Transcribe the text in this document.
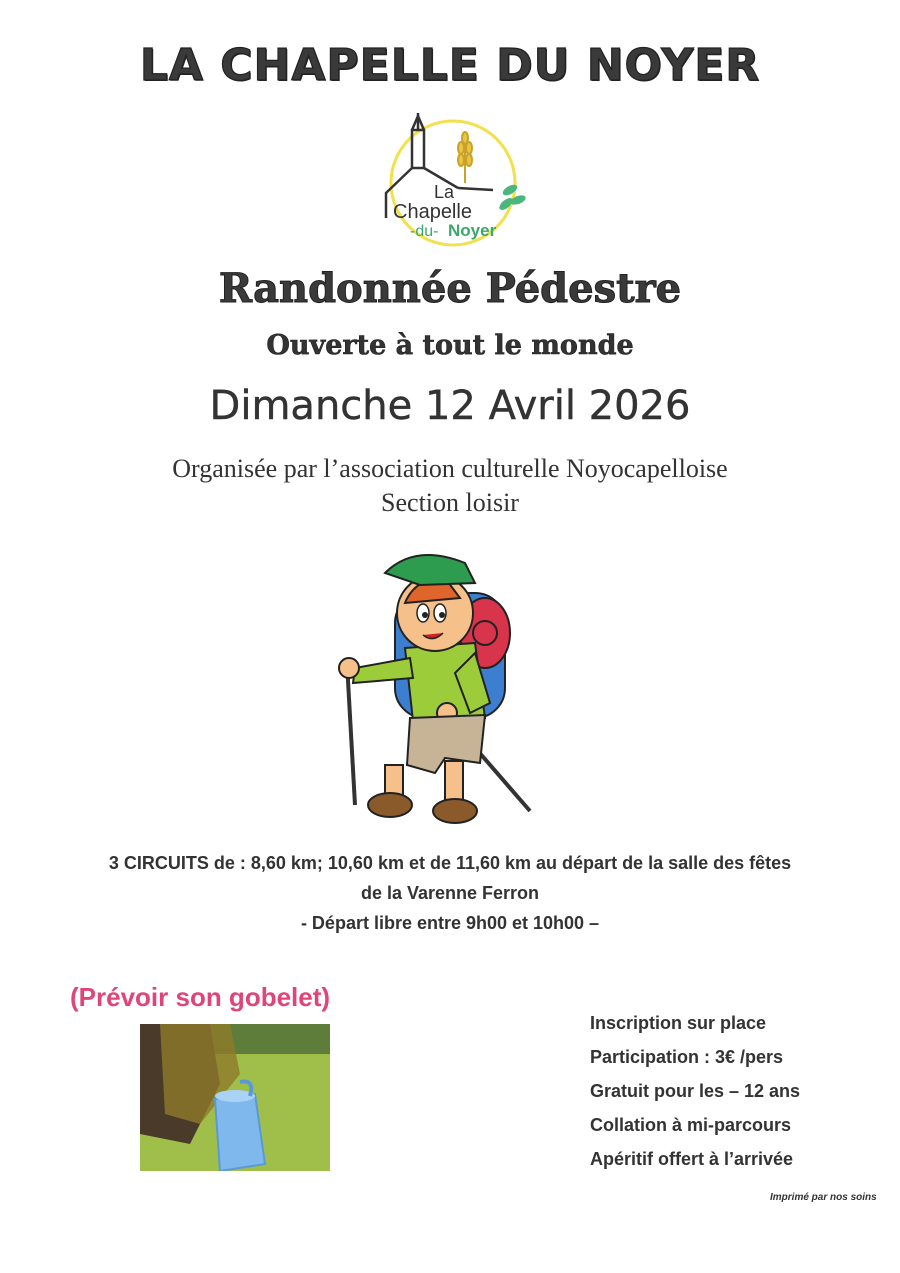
LA CHAPELLE DU NOYER
La
Chapelle
-du- Noyer
Randonnée Pédestre
Ouverte à tout le monde
Dimanche 12 Avril 2026
Organisée par l’association culturelle Noyocapelloise
Section loisir
3 CIRCUITS de : 8,60 km; 10,60 km et de 11,60 km au départ de la salle des fêtes
de la Varenne Ferron
- Départ libre entre 9h00 et 10h00 –
(Prévoir son gobelet)
Inscription sur place
Participation : 3€ /pers
Gratuit pour les – 12 ans
Collation à mi-parcours
Apéritif offert à l’arrivée
Imprimé par nos soins
